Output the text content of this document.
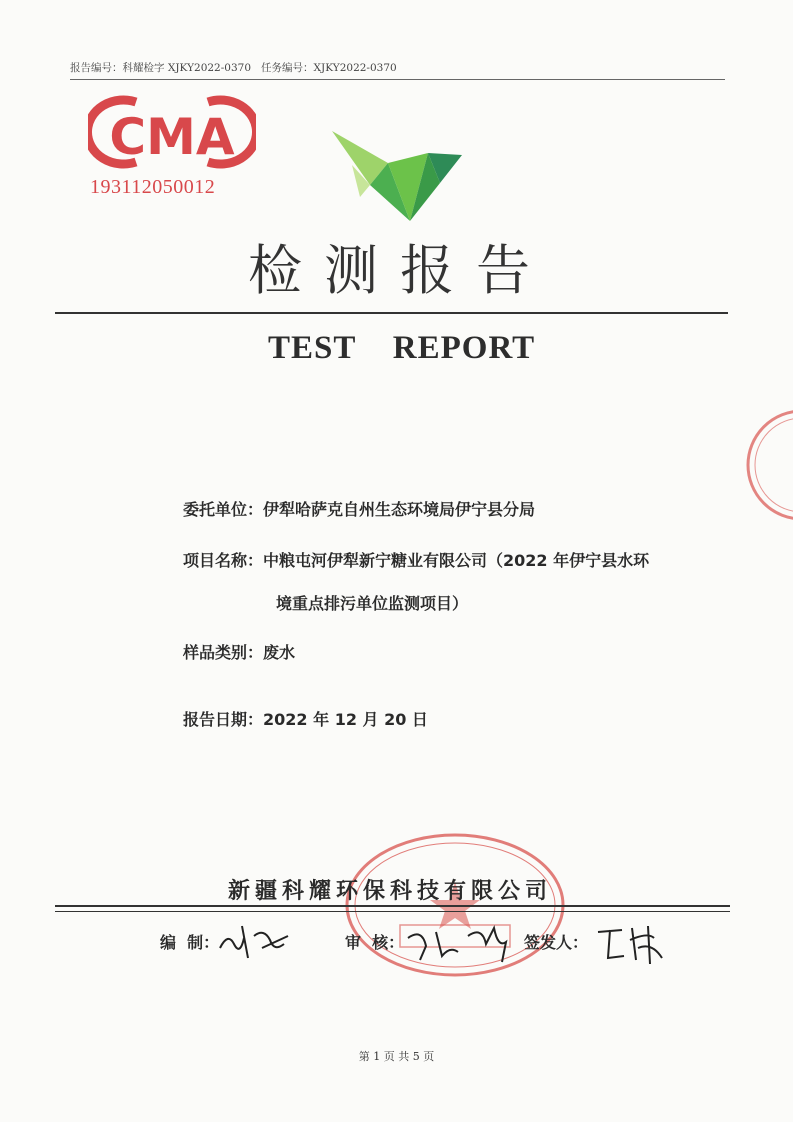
报告编号：科耀检字 XJKY2022-0370 任务编号：XJKY2022-0370
CMA
193112050012
检测报告
TEST    REPORT
委托单位：伊犁哈萨克自州生态环境局伊宁县分局
项目名称：中粮屯河伊犁新宁糖业有限公司（2022 年伊宁县水环
境重点排污单位监测项目）
样品类别：废水
报告日期：2022 年 12 月 20 日
新疆科耀环保科技有限公司
编  制：	审  核：	签发人：
第 1 页 共 5 页
